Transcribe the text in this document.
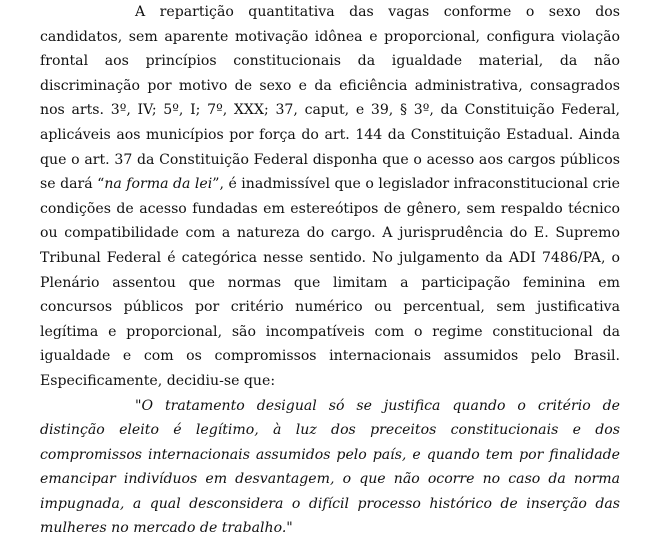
A repartição quantitativa das vagas conforme o sexo dos candidatos, sem aparente motivação idônea e proporcional, configura violação frontal aos princípios constitucionais da igualdade material, da não discriminação por motivo de sexo e da eficiência administrativa, consagrados nos arts. 3º, IV; 5º, I; 7º, XXX; 37, caput, e 39, § 3º, da Constituição Federal, aplicáveis aos municípios por força do art. 144 da Constituição Estadual. Ainda que o art. 37 da Constituição Federal disponha que o acesso aos cargos públicos se dará “na forma da lei”, é inadmissível que o legislador infraconstitucional crie condições de acesso fundadas em estereótipos de gênero, sem respaldo técnico ou compatibilidade com a natureza do cargo. A jurisprudência do E. Supremo Tribunal Federal é categórica nesse sentido. No julgamento da ADI 7486/PA, o Plenário assentou que normas que limitam a participação feminina em concursos públicos por critério numérico ou percentual, sem justificativa legítima e proporcional, são incompatíveis com o regime constitucional da igualdade e com os compromissos internacionais assumidos pelo Brasil. Especificamente, decidiu-se que:

"O tratamento desigual só se justifica quando o critério de distinção eleito é legítimo, à luz dos preceitos constitucionais e dos compromissos internacionais assumidos pelo país, e quando tem por finalidade emancipar indivíduos em desvantagem, o que não ocorre no caso da norma impugnada, a qual desconsidera o difícil processo histórico de inserção das mulheres no mercado de trabalho."
